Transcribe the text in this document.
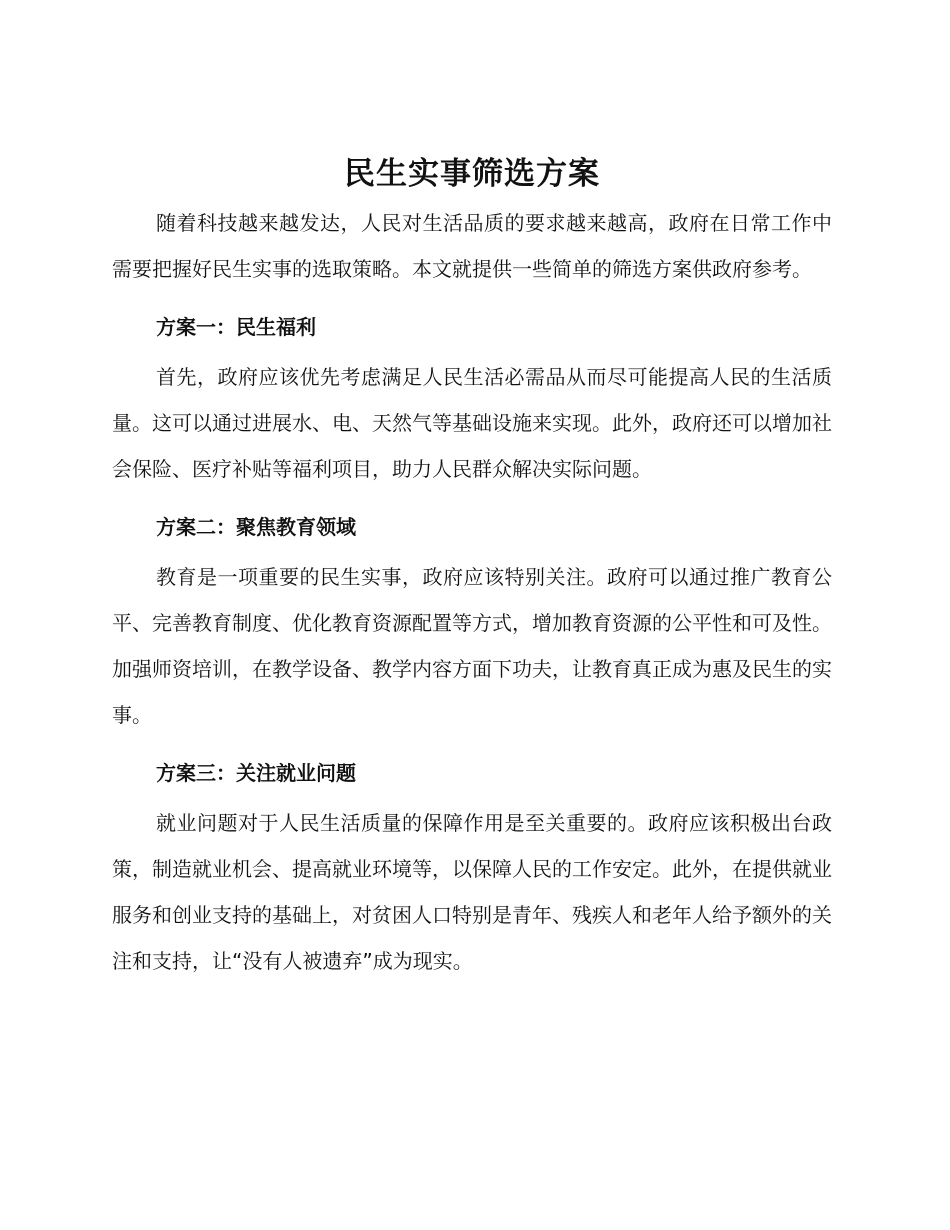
民生实事筛选方案

随着科技越来越发达，人民对生活品质的要求越来越高，政府在日常工作中需要把握好民生实事的选取策略。本文就提供一些简单的筛选方案供政府参考。

方案一：民生福利

首先，政府应该优先考虑满足人民生活必需品从而尽可能提高人民的生活质量。这可以通过进展水、电、天然气等基础设施来实现。此外，政府还可以增加社会保险、医疗补贴等福利项目，助力人民群众解决实际问题。

方案二：聚焦教育领域

教育是一项重要的民生实事，政府应该特别关注。政府可以通过推广教育公平、完善教育制度、优化教育资源配置等方式，增加教育资源的公平性和可及性。加强师资培训，在教学设备、教学内容方面下功夫，让教育真正成为惠及民生的实事。

方案三：关注就业问题

就业问题对于人民生活质量的保障作用是至关重要的。政府应该积极出台政策，制造就业机会、提高就业环境等，以保障人民的工作安定。此外，在提供就业服务和创业支持的基础上，对贫困人口特别是青年、残疾人和老年人给予额外的关注和支持，让“没有人被遗弃”成为现实。
